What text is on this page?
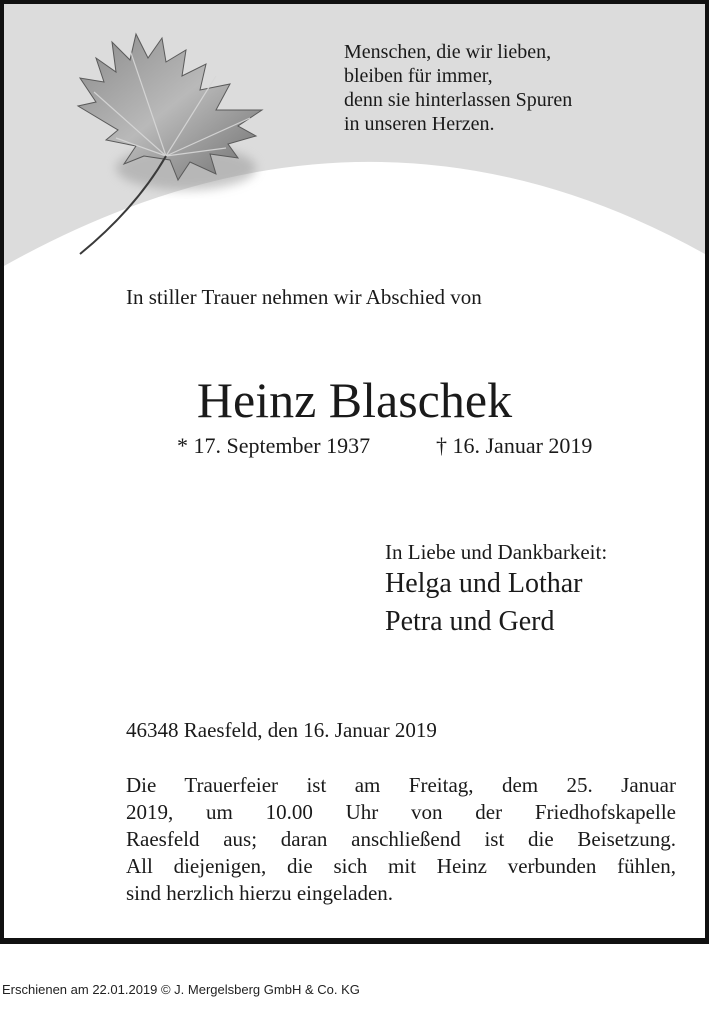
Menschen, die wir lieben,
bleiben für immer,
denn sie hinterlassen Spuren
in unseren Herzen.
In stiller Trauer nehmen wir Abschied von
Heinz Blaschek
* 17. September 1937	† 16. Januar 2019
In Liebe und Dankbarkeit:
Helga und Lothar
Petra und Gerd
46348 Raesfeld, den 16. Januar 2019
Die Trauerfeier ist am Freitag, dem 25. Januar
2019, um 10.00 Uhr von der Friedhofskapelle
Raesfeld aus; daran anschließend ist die Beisetzung.
All diejenigen, die sich mit Heinz verbunden fühlen,
sind herzlich hierzu eingeladen.
Erschienen am 22.01.2019 © J. Mergelsberg GmbH & Co. KG
